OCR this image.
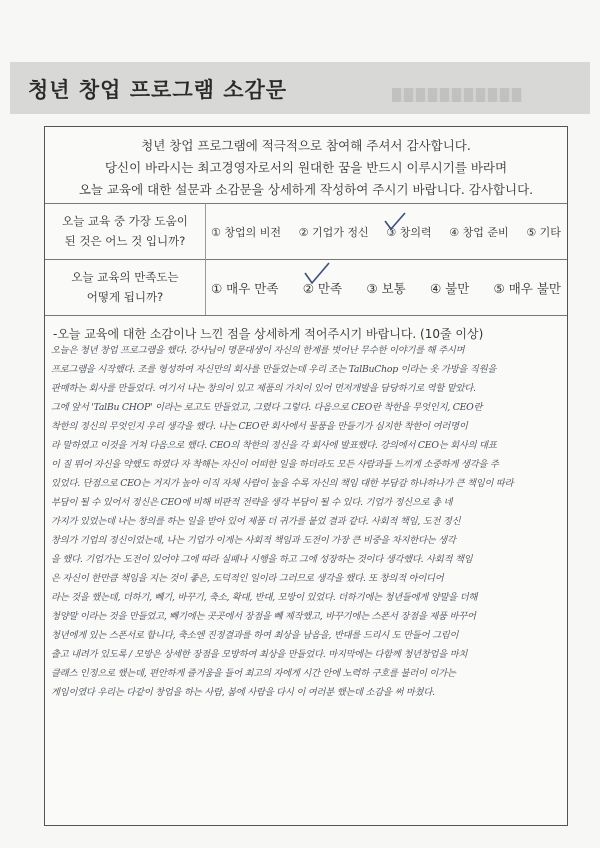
청년 창업 프로그램 소감문
청년 창업 프로그램에 적극적으로 참여해 주셔서 감사합니다.
당신이 바라시는 최고경영자로서의 원대한 꿈을 반드시 이루시기를 바라며
오늘 교육에 대한 설문과 소감문을 상세하게 작성하여 주시기 바랍니다. 감사합니다.
오늘 교육 중 가장 도움이
된 것은 어느 것 입니까?
① 창업의 비전 ② 기업가 정신 ③ 창의력 ④ 창업 준비 ⑤ 기타
오늘 교육의 만족도는
어떻게 됩니까?
① 매우 만족 ② 만족 ③ 보통 ④ 불만 ⑤ 매우 불만
-오늘 교육에 대한 소감이나 느낀 점을 상세하게 적어주시기 바랍니다. (10줄 이상)
오늘은 청년 창업 프로그램을 했다. 강사님이 명문대생이 자신의 한계를 벗어난 무수한 이야기를 해 주시며
프로그램을 시작했다. 조를 형성하여 자신만의 회사를 만들었는데 우리 조는 TalBuChop 이라는 옷 가방을 직원을
판매하는 회사를 만들었다. 여기서 나는 창의이 있고 제품의 가치이 있어 먼저개발을 담당하기로 역할 맡았다.
그에 앞서 'TalBu CHOP' 이라는 로고도 만들었고, 그렸다 그렇다. 다음으로 CEO란 착한을 무엇인지, CEO란
착한의 정신의 무엇인지 우리 생각을 했다. 나는 CEO란 회사에서 물품을 만들기가 심지한 착한이 여러명이
라 말하였고 이것을 거쳐 다음으로 했다. CEO의 착한의 정신을 각 회사에 발표했다. 강의에서 CEO는 회사의 대표
이 질 뛰어 자신을 약했도 하였다 자 착해는 자신이 어떠한 일을 하더라도 모든 사람과들 느끼게 소중하게 생각을 주
있었다. 단점으로 CEO는 거지가 높아 이직 자체 사람이 높을 수록 자신의 책임 대한 부담감 하나하나가 큰 책임이 따라
부담이 될 수 있어서 정신은 CEO에 비해 비판적 전략을 생각 부담이 될 수 있다. 기업가 정신으로 총 네
가지가 있었는데 나는 창의를 하는 일을 받아 있어 제품 더 귀가를 붙었 결과 같다. 사회적 책임, 도전 정신
창의가 기업의 정신이었는데, 나는 기업가 이게는 사회적 책임과 도전이 가장 큰 비중을 차지한다는 생각
을 했다. 기업가는 도전이 있어야 그에 따라 실패나 시행을 하고 그에 성장하는 것이다 생각했다. 사회적 책임
은 자신이 한만큼 책임을 지는 것이 좋은, 도덕적인 일이라 그러므로 생각을 했다. 또 창의적 아이디어
라는 것을 했는데, 더하기, 빼기, 바꾸기, 축소, 확대, 반대, 모방이 있었다. 더하기에는 청년들에게 양말을 더해
청양말 이라는 것을 만들었고, 빼기에는 곳곳에서 장점을 빼 제작했고, 바꾸기에는 스폰서 장점을 제품 바꾸어
청년에게 있는 스폰서로 합니다, 축소엔 진정결과를 하여 최상을 남음을, 반대를 드리시 도 만들어 그림이
출고 내려가 있도록 / 모방은 상세한 장점을 모방하여 최상을 만들었다. 마지막에는 다함께 청년창업을 마치
클래스 인정으로 했는데, 편안하게 즐거움을 들어 최고의 자에게 시간 안에 노력하 구호를 불러이 이가는
게임이였다 우리는 다같이 창업을 하는 사람, 봄에 사람을 다시 이 여러분 했는데 소감을 써 마쳤다.
